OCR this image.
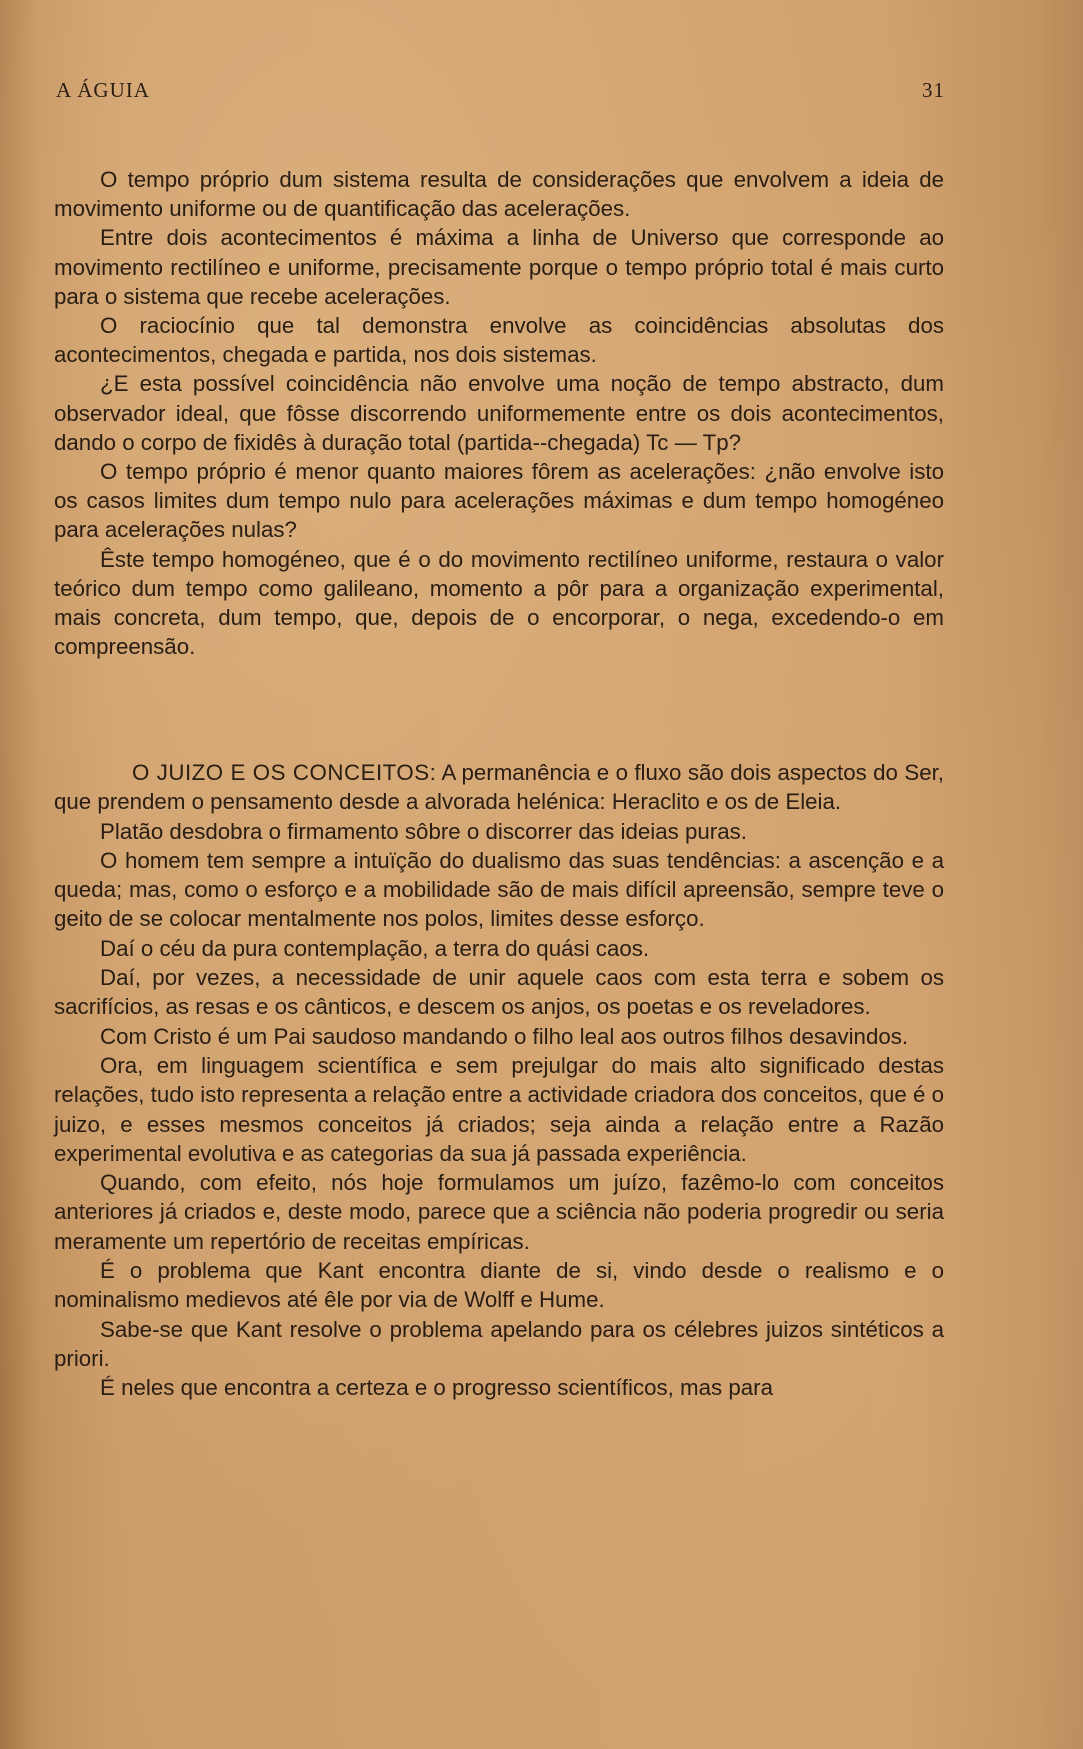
A ÁGUIA	31

O tempo próprio dum sistema resulta de considerações que envolvem a ideia de movimento uniforme ou de quantificação das acelerações.

Entre dois acontecimentos é máxima a linha de Universo que corresponde ao movimento rectilíneo e uniforme, precisamente porque o tempo próprio total é mais curto para o sistema que recebe acelerações.

O raciocínio que tal demonstra envolve as coincidências absolutas dos acontecimentos, chegada e partida, nos dois sistemas.

¿E esta possível coincidência não envolve uma noção de tempo abstracto, dum observador ideal, que fôsse discorrendo uniformemente entre os dois acontecimentos, dando o corpo de fixidês à duração total (partida--chegada) Tc — Tp?

O tempo próprio é menor quanto maiores fôrem as acelerações: ¿não envolve isto os casos limites dum tempo nulo para acelerações máximas e dum tempo homogéneo para acelerações nulas?

Êste tempo homogéneo, que é o do movimento rectilíneo uniforme, restaura o valor teórico dum tempo como galileano, momento a pôr para a organização experimental, mais concreta, dum tempo, que, depois de o encorporar, o nega, excedendo-o em compreensão.

O JUIZO E OS CONCEITOS: A permanência e o fluxo são dois aspectos do Ser, que prendem o pensamento desde a alvorada helénica: Heraclito e os de Eleia.

Platão desdobra o firmamento sôbre o discorrer das ideias puras.

O homem tem sempre a intuïção do dualismo das suas tendências: a ascenção e a queda; mas, como o esforço e a mobilidade são de mais difícil apreensão, sempre teve o geito de se colocar mentalmente nos polos, limites desse esforço.

Daí o céu da pura contemplação, a terra do quási caos.

Daí, por vezes, a necessidade de unir aquele caos com esta terra e sobem os sacrifícios, as resas e os cânticos, e descem os anjos, os poetas e os reveladores.

Com Cristo é um Pai saudoso mandando o filho leal aos outros filhos desavindos.

Ora, em linguagem scientífica e sem prejulgar do mais alto significado destas relações, tudo isto representa a relação entre a actividade criadora dos conceitos, que é o juizo, e esses mesmos conceitos já criados; seja ainda a relação entre a Razão experimental evolutiva e as categorias da sua já passada experiência.

Quando, com efeito, nós hoje formulamos um juízo, fazêmo-lo com conceitos anteriores já criados e, deste modo, parece que a sciência não poderia progredir ou seria meramente um repertório de receitas empíricas.

É o problema que Kant encontra diante de si, vindo desde o realismo e o nominalismo medievos até êle por via de Wolff e Hume.

Sabe-se que Kant resolve o problema apelando para os célebres juizos sintéticos a priori.

É neles que encontra a certeza e o progresso scientíficos, mas para
